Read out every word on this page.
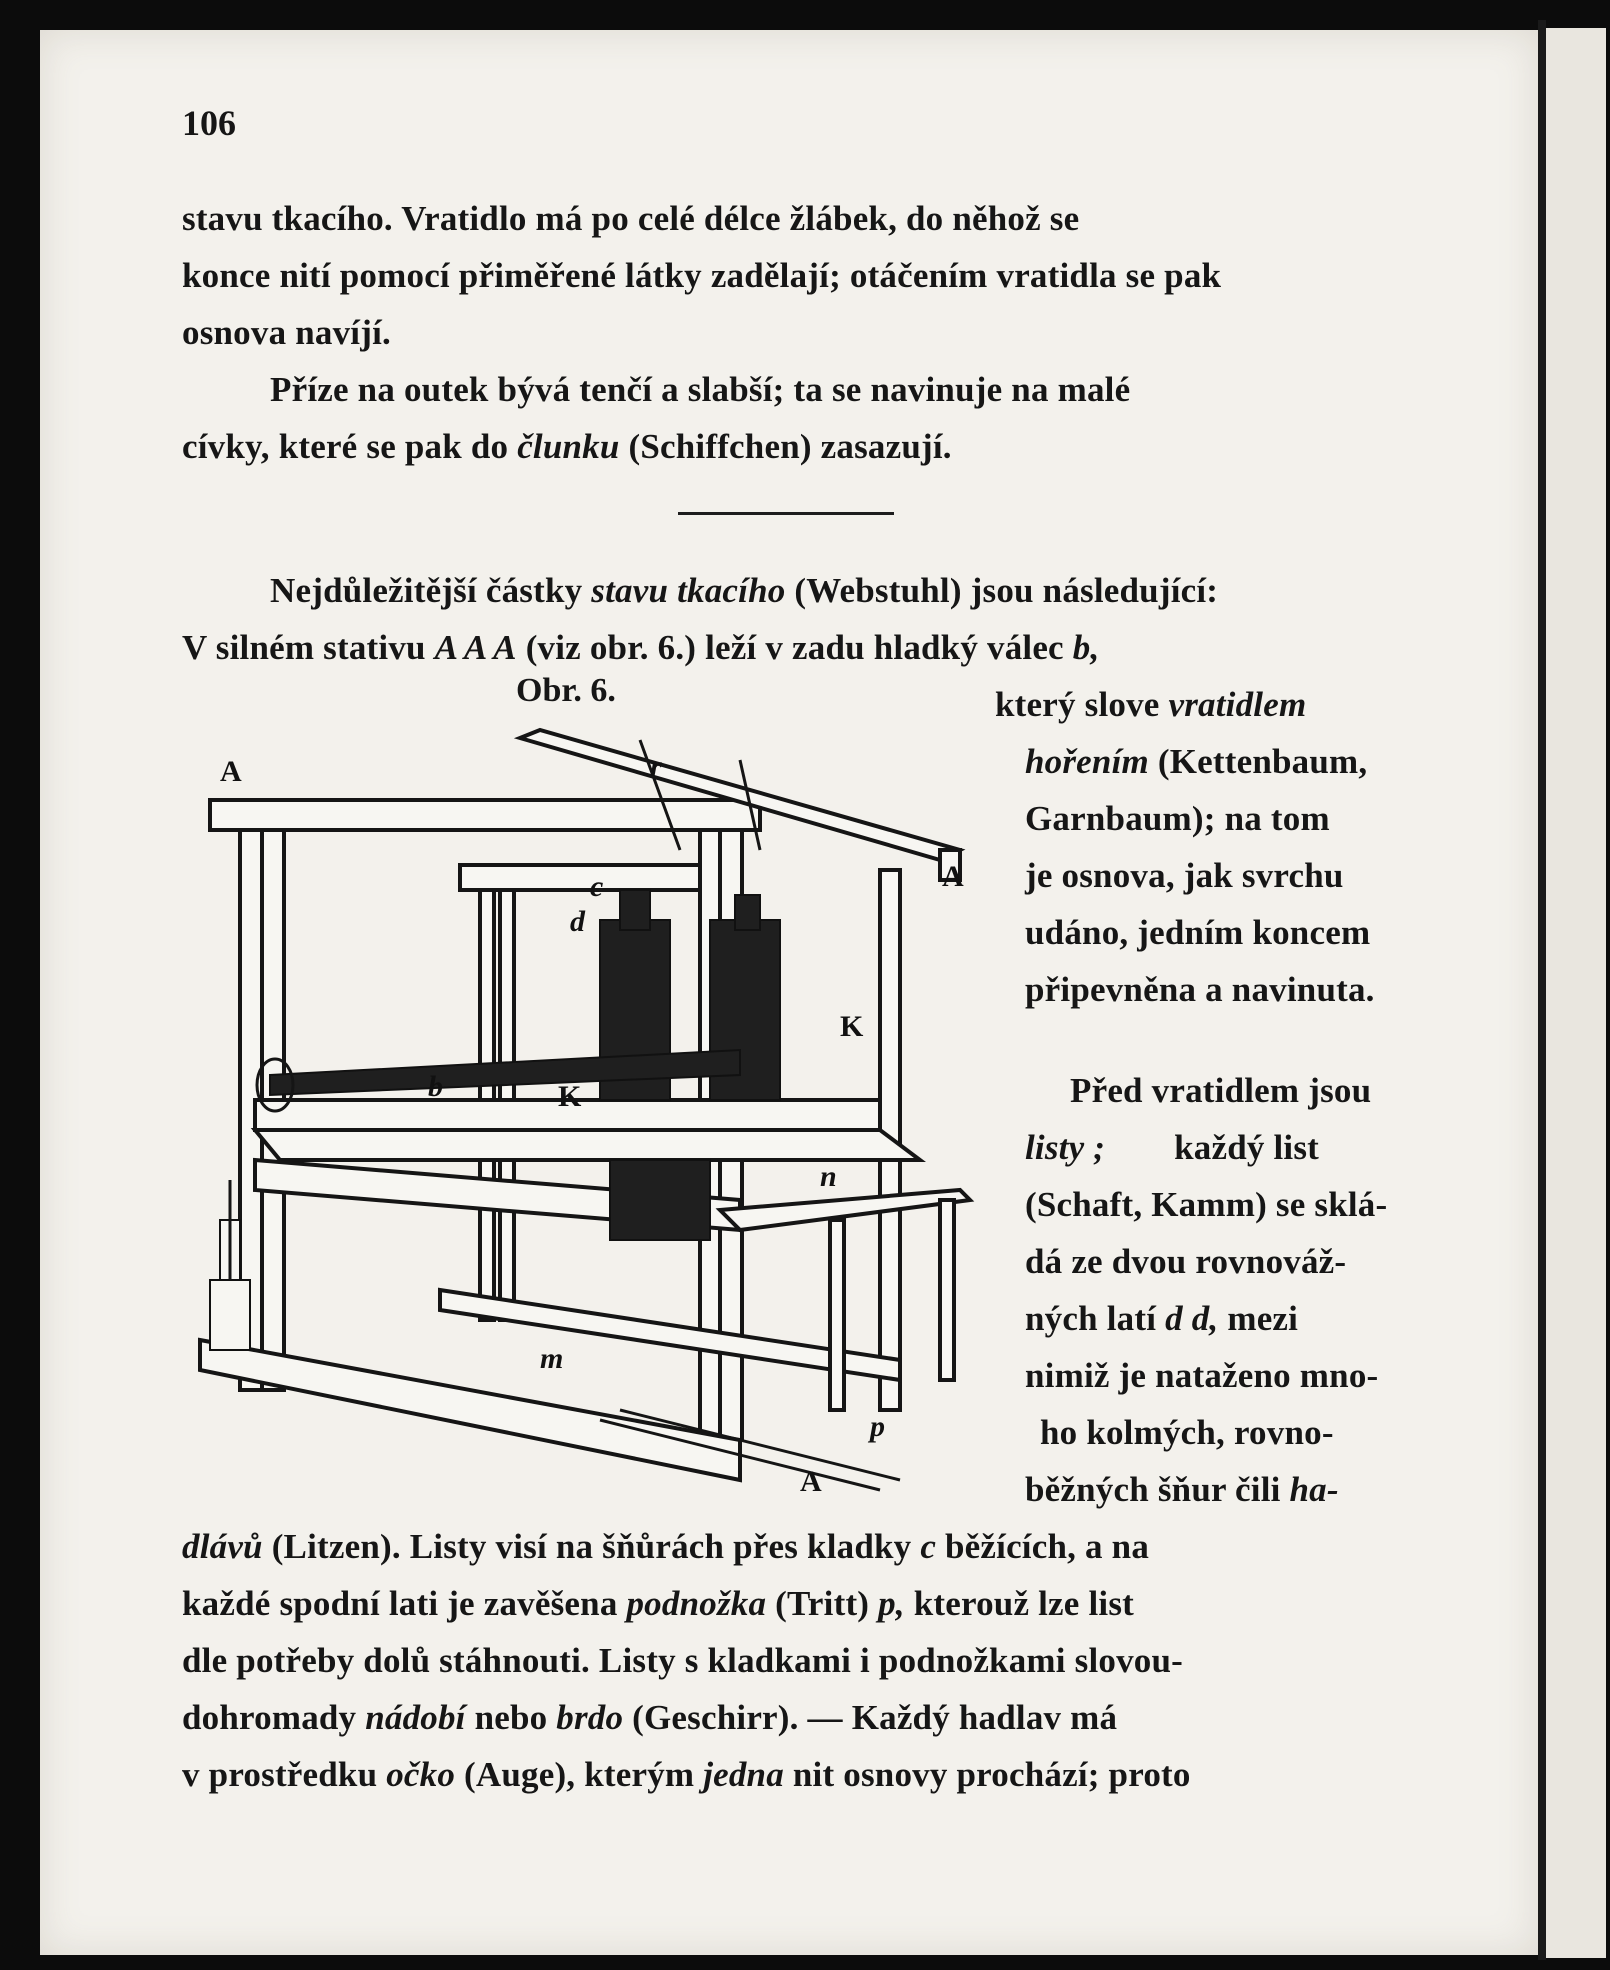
106
stavu tkacího. Vratidlo má po celé délce žlábek, do něhož se
konce nití pomocí přiměřené látky zadělají; otáčením vratidla se pak
osnova navíjí.
Příze na outek bývá tenčí a slabší; ta se navinuje na malé
cívky, které se pak do člunku (Schiffchen) zasazují.
Nejdůležitější částky stavu tkacího (Webstuhl) jsou následující:
V silném stativu A A A (viz obr. 6.) leží v zadu hladký válec b,
Obr. 6.	který slove vratidlem
hořením (Kettenbaum,
Garnbaum); na tom
je osnova, jak svrchu
udáno, jedním koncem
připevněna a navinuta.
Před vratidlem jsou
listy ; každý list
(Schaft, Kamm) se sklá-
dá ze dvou rovnováž-
ných latí d d, mezi
nimiž je nataženo mno-
ho kolmých, rovno-
běžných šňur čili ha-
dlávů (Litzen). Listy visí na šňůrách přes kladky c běžících, a na
každé spodní lati je zavěšena podnožka (Tritt) p, kterouž lze list
dle potřeby dolů stáhnouti. Listy s kladkami i podnožkami slovou-
dohromady nádobí nebo brdo (Geschirr). — Každý hadlav má
v prostředku očko (Auge), kterým jedna nit osnovy prochází; proto
A
A
A
r
c
d
b	K
K
n
m
p
